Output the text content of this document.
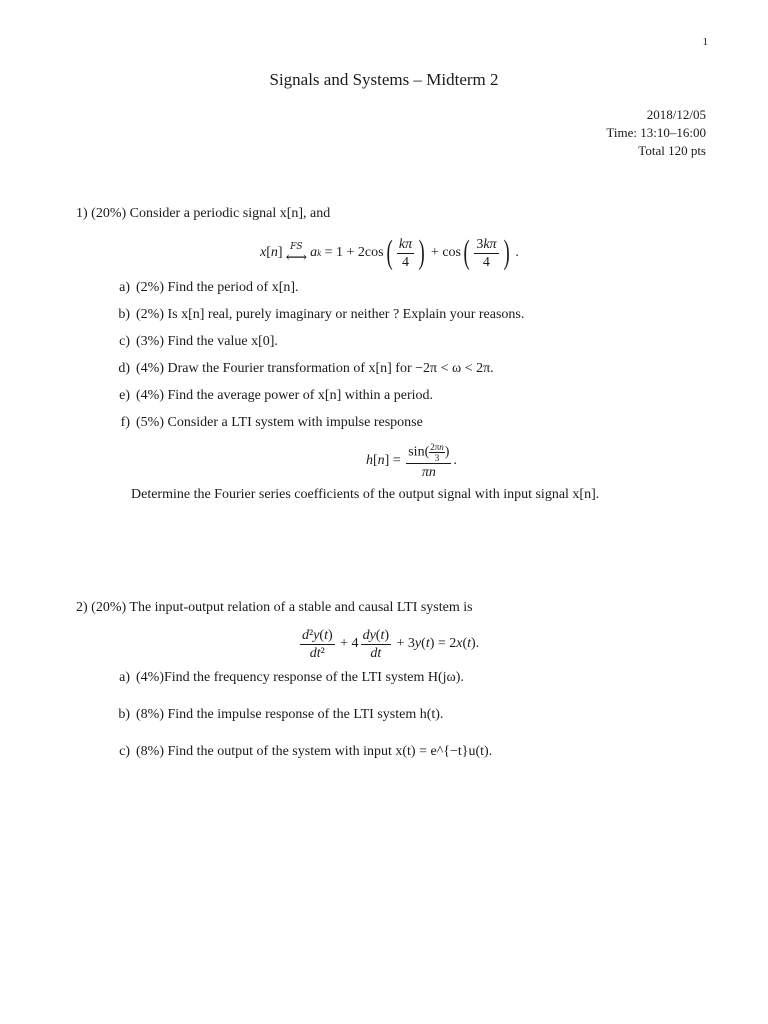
1
Signals and Systems – Midterm 2
2018/12/05
Time: 13:10–16:00
Total 120 pts
1) (20%) Consider a periodic signal x[n], and
x [ n ] FS
⟷ a k = 1 + 2cos ( $\frac{k\pi}{4}$ ) + cos ( $\frac{3k\pi}{4}$ ) .
a) (2%) Find the period of x[n].
b) (2%) Is x[n] real, purely imaginary or neither ? Explain your reasons.
c) (3%) Find the value x[0].
d) (4%) Draw the Fourier transformation of x[n] for −2π < ω < 2π.
e) (4%) Find the average power of x[n] within a period.
f) (5%) Consider a LTI system with impulse response
h [ n ] = $\frac{\sin( \frac{2\pi n}{3} )}{\pi n}$ .
Determine the Fourier series coefficients of the output signal with input signal x[n].
2) (20%) The input-output relation of a stable and causal LTI system is
$\frac{\text{d²y(t)}}{\text{dt²}} + 4 \frac{dy(t)}{dt} + 3$ y ( t ) = 2 x ( t ).
a) (4%)Find the frequency response of the LTI system H(jω).
b) (8%) Find the impulse response of the LTI system h(t).
c) (8%) Find the output of the system with input x(t) = e^{−t}u(t).
